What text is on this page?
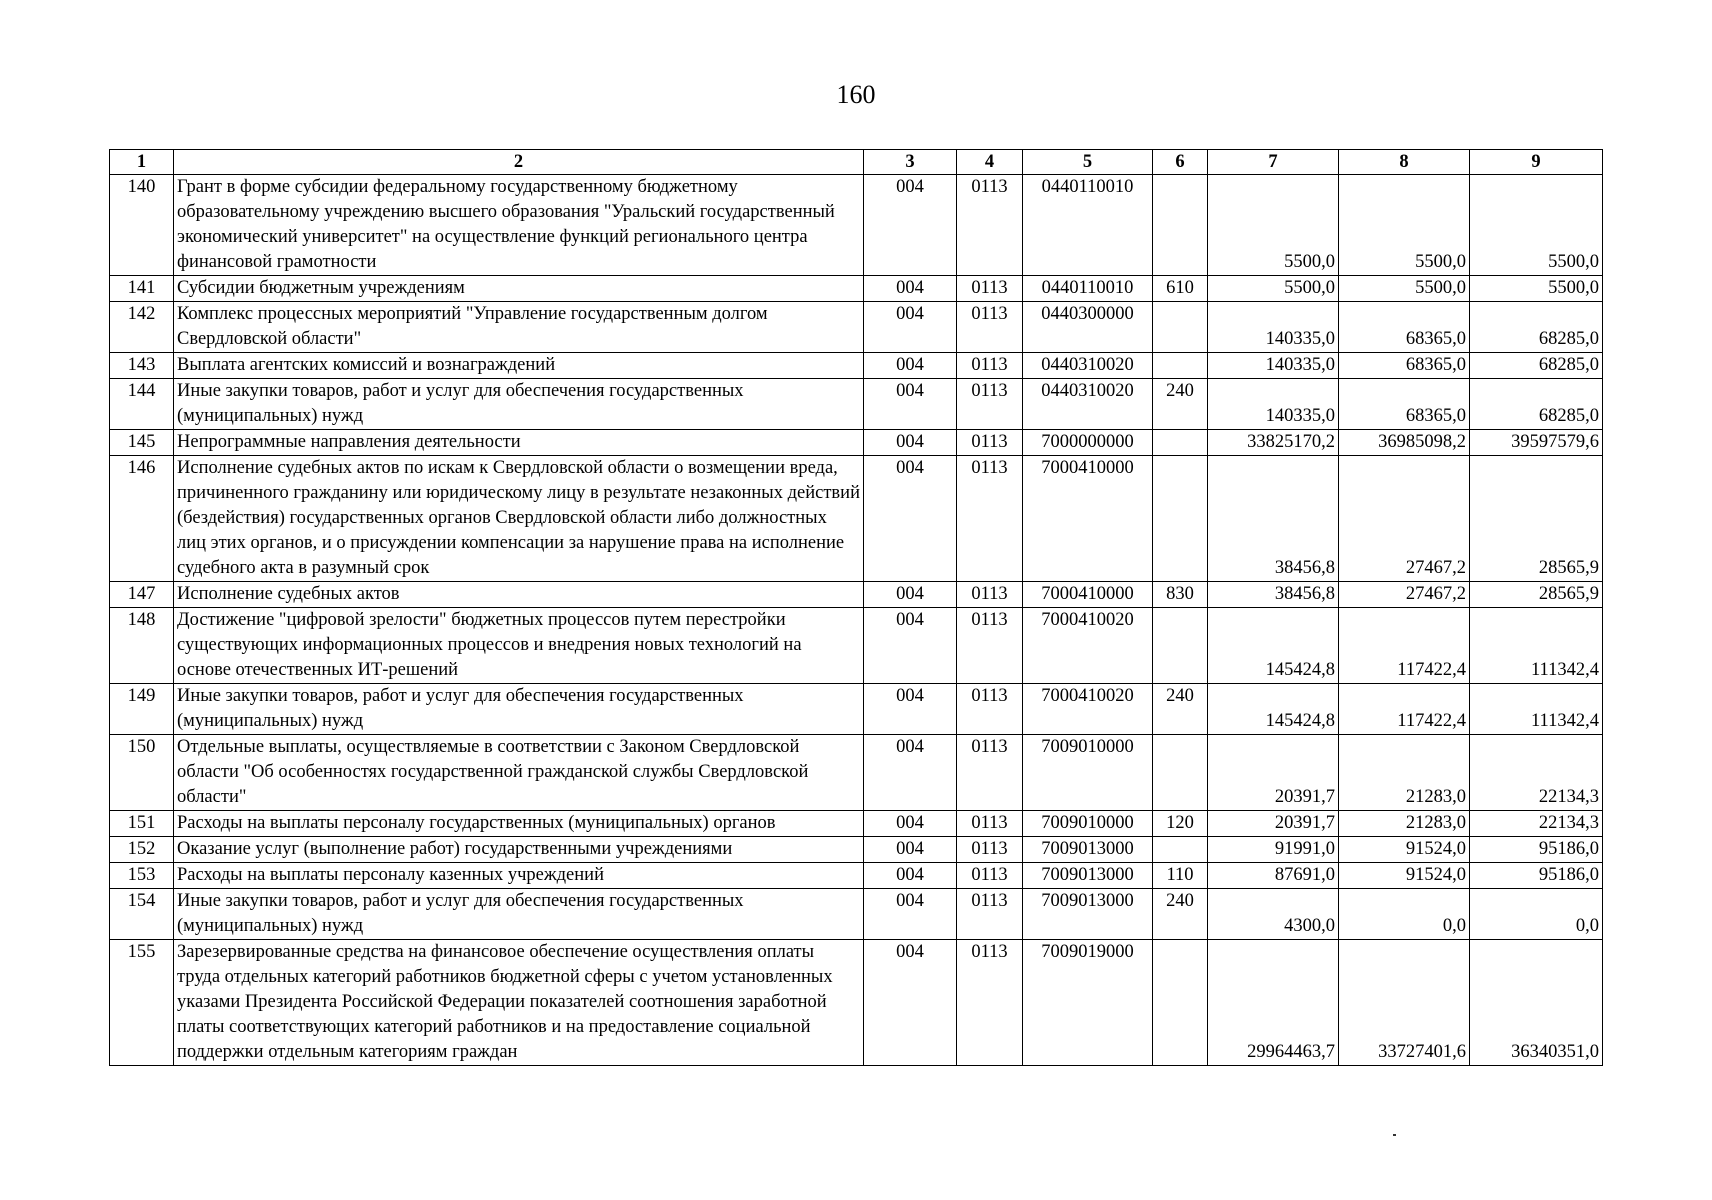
160
1	2	3	4	5	6	7	8	9
140	Грант в форме субсидии федеральному государственному бюджетному образовательному учреждению высшего образования "Уральский государственный экономический университет" на осуществление функций регионального центра финансовой грамотности	004	0113	0440110010		5500,0	5500,0	5500,0
141	Субсидии бюджетным учреждениям	004	0113	0440110010	610	5500,0	5500,0	5500,0
142	Комплекс процессных мероприятий "Управление государственным долгом Свердловской области"	004	0113	0440300000		140335,0	68365,0	68285,0
143	Выплата агентских комиссий и вознаграждений	004	0113	0440310020		140335,0	68365,0	68285,0
144	Иные закупки товаров, работ и услуг для обеспечения государственных (муниципальных) нужд	004	0113	0440310020	240	140335,0	68365,0	68285,0
145	Непрограммные направления деятельности	004	0113	7000000000		33825170,2	36985098,2	39597579,6
146	Исполнение судебных актов по искам к Свердловской области о возмещении вреда, причиненного гражданину или юридическому лицу в результате незаконных действий (бездействия) государственных органов Свердловской области либо должностных лиц этих органов, и о присуждении компенсации за нарушение права на исполнение судебного акта в разумный срок	004	0113	7000410000		38456,8	27467,2	28565,9
147	Исполнение судебных актов	004	0113	7000410000	830	38456,8	27467,2	28565,9
148	Достижение "цифровой зрелости" бюджетных процессов путем перестройки существующих информационных процессов и внедрения новых технологий на основе отечественных ИТ-решений	004	0113	7000410020		145424,8	117422,4	111342,4
149	Иные закупки товаров, работ и услуг для обеспечения государственных (муниципальных) нужд	004	0113	7000410020	240	145424,8	117422,4	111342,4
150	Отдельные выплаты, осуществляемые в соответствии с Законом Свердловской области "Об особенностях государственной гражданской службы Свердловской области"	004	0113	7009010000		20391,7	21283,0	22134,3
151	Расходы на выплаты персоналу государственных (муниципальных) органов	004	0113	7009010000	120	20391,7	21283,0	22134,3
152	Оказание услуг (выполнение работ) государственными учреждениями	004	0113	7009013000		91991,0	91524,0	95186,0
153	Расходы на выплаты персоналу казенных учреждений	004	0113	7009013000	110	87691,0	91524,0	95186,0
154	Иные закупки товаров, работ и услуг для обеспечения государственных (муниципальных) нужд	004	0113	7009013000	240	4300,0	0,0	0,0
155	Зарезервированные средства на финансовое обеспечение осуществления оплаты труда отдельных категорий работников бюджетной сферы с учетом установленных указами Президента Российской Федерации показателей соотношения заработной платы соответствующих категорий работников и на предоставление социальной поддержки отдельным категориям граждан	004	0113	7009019000		29964463,7	33727401,6	36340351,0
